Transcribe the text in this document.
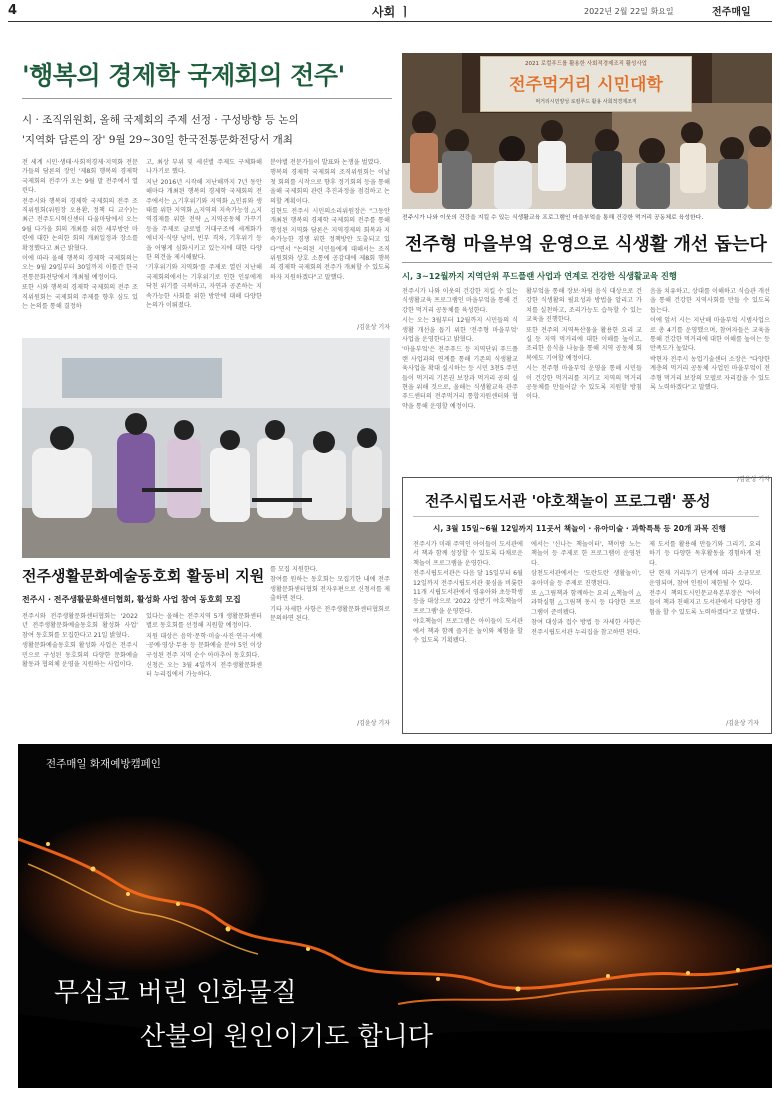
4	사회 ㅣ	2022년 2월 22일 화요일	전주매일
'행복의 경제학 국제회의 전주'
시 · 조직위원회, 올해 국제회의 주제 선정 · 구성방향 등 논의
'지역화 담론의 장' 9월 29~30일 한국전통문화전당서 개최

전 세계 시민·생태·사회적경제·지역화 전문가들의 담론의 장인 '제8회 행복의 경제학 국제회의 전주'가 오는 9월 말 전주에서 열린다.

전주시와 행복의 경제학 국제회의 전주 조직위원회(위원장 오용환, 정책 디 교수)는 최근 전주도시혁신센터 다울마당에서 오는 9월 다가올 회의 개최를 위한 세부방안 마련에 대한 논의한 회의 개최일정과 장소를 확정했다고 최근 밝혔다.

이에 따라 올해 행복의 경제학 국제회의는 오는 9월 29일부터 30일까지 이틀간 한국전통문화전당에서 개최될 예정이다.

또한 시와 행복의 경제학 국제회의 전주 조직위원회는 국제회의 주제를 향후 심도 있는 논의를 통해 결정하

고, 최상 부위 및 세션별 주제도 구체화해 나가기로 했다.

지난 2016년 시작해 지난해까지 7년 동안 해마다 개최된 행복의 경제학 국제회의 전주에서는 △기후위기와 지역화 △인류와 생태를 위한 지역화 △지역의 지속가능성 △지역경제를 위한 전략 △지역공동체 가꾸기 등을 주제로 글로벌 거대구조에 세계화가 에너지·식량 낭비, 빈부 격차, 기후위기 등을 어떻게 심화시키고 있는지에 대한 다양한 의견을 제시해왔다.

'기후위기와 지역화'를 주제로 열린 지난해 국제회의에서는 기후위기로 인한 인류에게 닥친 위기를 극복하고, 자연과 공존하는 지속가능한 사회를 위한 방안에 대해 다양한 논의가 이뤄졌다.

분야별 전문가들이 발표와 논쟁을 벌였다.

행복의 경제학 국제회의 조직위원회는 이날 첫 회의를 시작으로 향후 정기회의 등을 통해 올해 국제회의 관련 추진과정을 점검하고 논의할 계획이다.

김현도 전주시 시민의소리위원장은 "그동안 개최된 행복의 경제학 국제회의 전주를 통해 행성된 지역화 담론은 지역경제의 회복과 지속가능한 경쟁 위한 정책방안 도출되고 있다"면서 "논의된 시민들에게 대해서는 조직위원회와 상호 소통에 공감대에 제8회 행복의 경제학 국제회의 전주가 개최할 수 있도록 하자 지원하겠다"고 말했다.

/김윤상 기자
2021 로컬푸드를 활용한 사회적경제조직 활성사업
전주먹거리 시민대학
먹거리시민양성 로컬푸드 활용 사회적경제조직
전주시가 나와 이웃의 건강을 지킬 수 있는 식생활교육 프로그램인 마을부엌을 통해 건강한 먹거리 공동체로 육성한다.
전주형 마을부엌 운영으로 식생활 개선 돕는다
시, 3~12월까지 지역단위 푸드플랜 사업과 연계로 건강한 식생활교육 진행

전주시가 나와 이웃의 건강한 지킬 수 있는 식생활교육 프로그램인 마을부엌을 통해 건강한 먹거리 공동체를 육성한다.

시는 오는 3월부터 12월까지 시민들의 식생활 개선을 돕기 위한 '전주형 마을부엌' 사업을 운영한다고 밝혔다.

'마을부엌'은 전주푸드 등 지역단위 푸드플랜 사업과의 연계를 통해 기존의 식생활교육사업을 확대 실시하는 등 시민 3천5 주민들이 먹거리 기본권 보장과 먹거리 공의 실현을 위해 것으로, 올해는 식생활교육 관주푸드센터의 전주먹거리 통합지원센터와 협약을 통해 운영할 예정이다.

활부엌을 통해 장보·차림 음식 대상으로 건강한 식생활의 필요성과 방법을 알리고 가치를 실천하고, 조리가능도 습득할 수 있는 교육을 진행한다.

또한 전주의 지역특산물을 활용한 요리 교실 등 지역 먹거리에 대한 이해를 높이고, 조리한 음식을 나눔을 통해 지역 공동체 회복에도 기여할 예정이다.

시는 전주형 마을부엌 운영을 통해 시민들이 건강한 먹거리를 지키고 지역의 먹거리 공동체를 만들어갈 수 있도록 지원할 방침이다.

음을 치유하고, 상대를 이해하고 식습관 개선을 통해 건강한 지역사회를 만들 수 있도록 돕는다.

이에 앞서 시는 지난해 마을부엌 시범사업으로 총 4기를 운영했으며, 참여자들은 교육을 통해 건강한 먹거리에 대한 이해를 높이는 등 만족도가 높았다.

박현자 전주시 농업기술센터 소장은 "다양한 계층의 먹거리 공동체 사업인 마을부엌이 전주형 먹거리 보장의 모델로 자리잡을 수 있도록 노력하겠다"고 말했다.

/김윤상 기자
전주생활문화예술동호회 활동비 지원
전주시 · 전주생활문화센터협회, 활성화 사업 참여 동호회 모집

전주시와 전주생활문화센터협회는 '2022년 전주생활문화예술동호회 활성화 사업' 참여 동호회를 모집한다고 21일 밝혔다.

생활문화예술동호회 활성화 사업은 전주시민으로 구성된 동호회의 다양한 문화예술 활동과 협의체 운영을 지원하는 사업이다.

있다는 올해는 전주지역 5개 생활문화센터 별로 동호회를 선정해 지원할 예정이다.

지원 대상은 음악·문학·미술·사진·연극·서예·공예·영상·무용 등 문화예술 분야 5인 이상 구성된 전주 지역 순수 아마추어 동호회다.

신청은 오는 3월 4일까지 전주생활문화센터 누리집에서 가능하다.

를 모집 지원한다.

참여를 원하는 동호회는 모집기한 내에 전주생활문화센터협회 전자우편으로 신청서를 제출하면 된다.

기타 자세한 사항은 전주생활문화센터협회로 문의하면 된다.

/김윤상 기자
전주시립도서관 '야호책놀이 프로그램' 풍성
시, 3월 15일~6월 12일까지 11곳서 책놀이 · 유아미술 · 과학특톡 등 20개 과목 진행

전주시가 미래 주역인 아이들이 도서관에서 책과 함께 성장할 수 있도록 다채로운 책놀이 프로그램을 운영한다.

전주시립도서관은 다음 달 15일부터 6월 12일까지 전주시립도서관 꽃심을 비롯한 11개 시립도서관에서 영유아와 초등학생 등을 대상으로 '2022 상반기 야호책놀이 프로그램'을 운영한다.

야호책놀이 프로그램은 아이들이 도서관에서 책과 함께 즐거운 놀이와 체험을 할 수 있도록 기획됐다.

에서는 '신나는 책놀이터', 책이랑 노는 책놀이 등 주제로 한 프로그램이 운영된다.

삼천도서관에서는 '도란도란 생활놀이', 유아미술 등 주제로 진행된다.

또 △그림책과 함께하는 요리 △책놀이 △과학실험 △그림책 동시 등 다양한 프로그램이 준비됐다.

참여 대상과 접수 방법 등 자세한 사항은 전주시립도서관 누리집을 참고하면 된다.

제 도서를 활용해 만들기와 그리기, 요리하기 등 다양한 독후활동을 경험하게 된다.

단 현재 거리두기 단계에 따라 소규모로 운영되며, 참여 인원이 제한될 수 있다.

전주시 책의도시인문교육본부장은 "아이들이 책과 친해지고 도서관에서 다양한 경험을 할 수 있도록 노력하겠다"고 말했다.

/김윤상 기자
전주매일 화재예방캠페인
무심코 버린 인화물질
산불의 원인이기도 합니다
